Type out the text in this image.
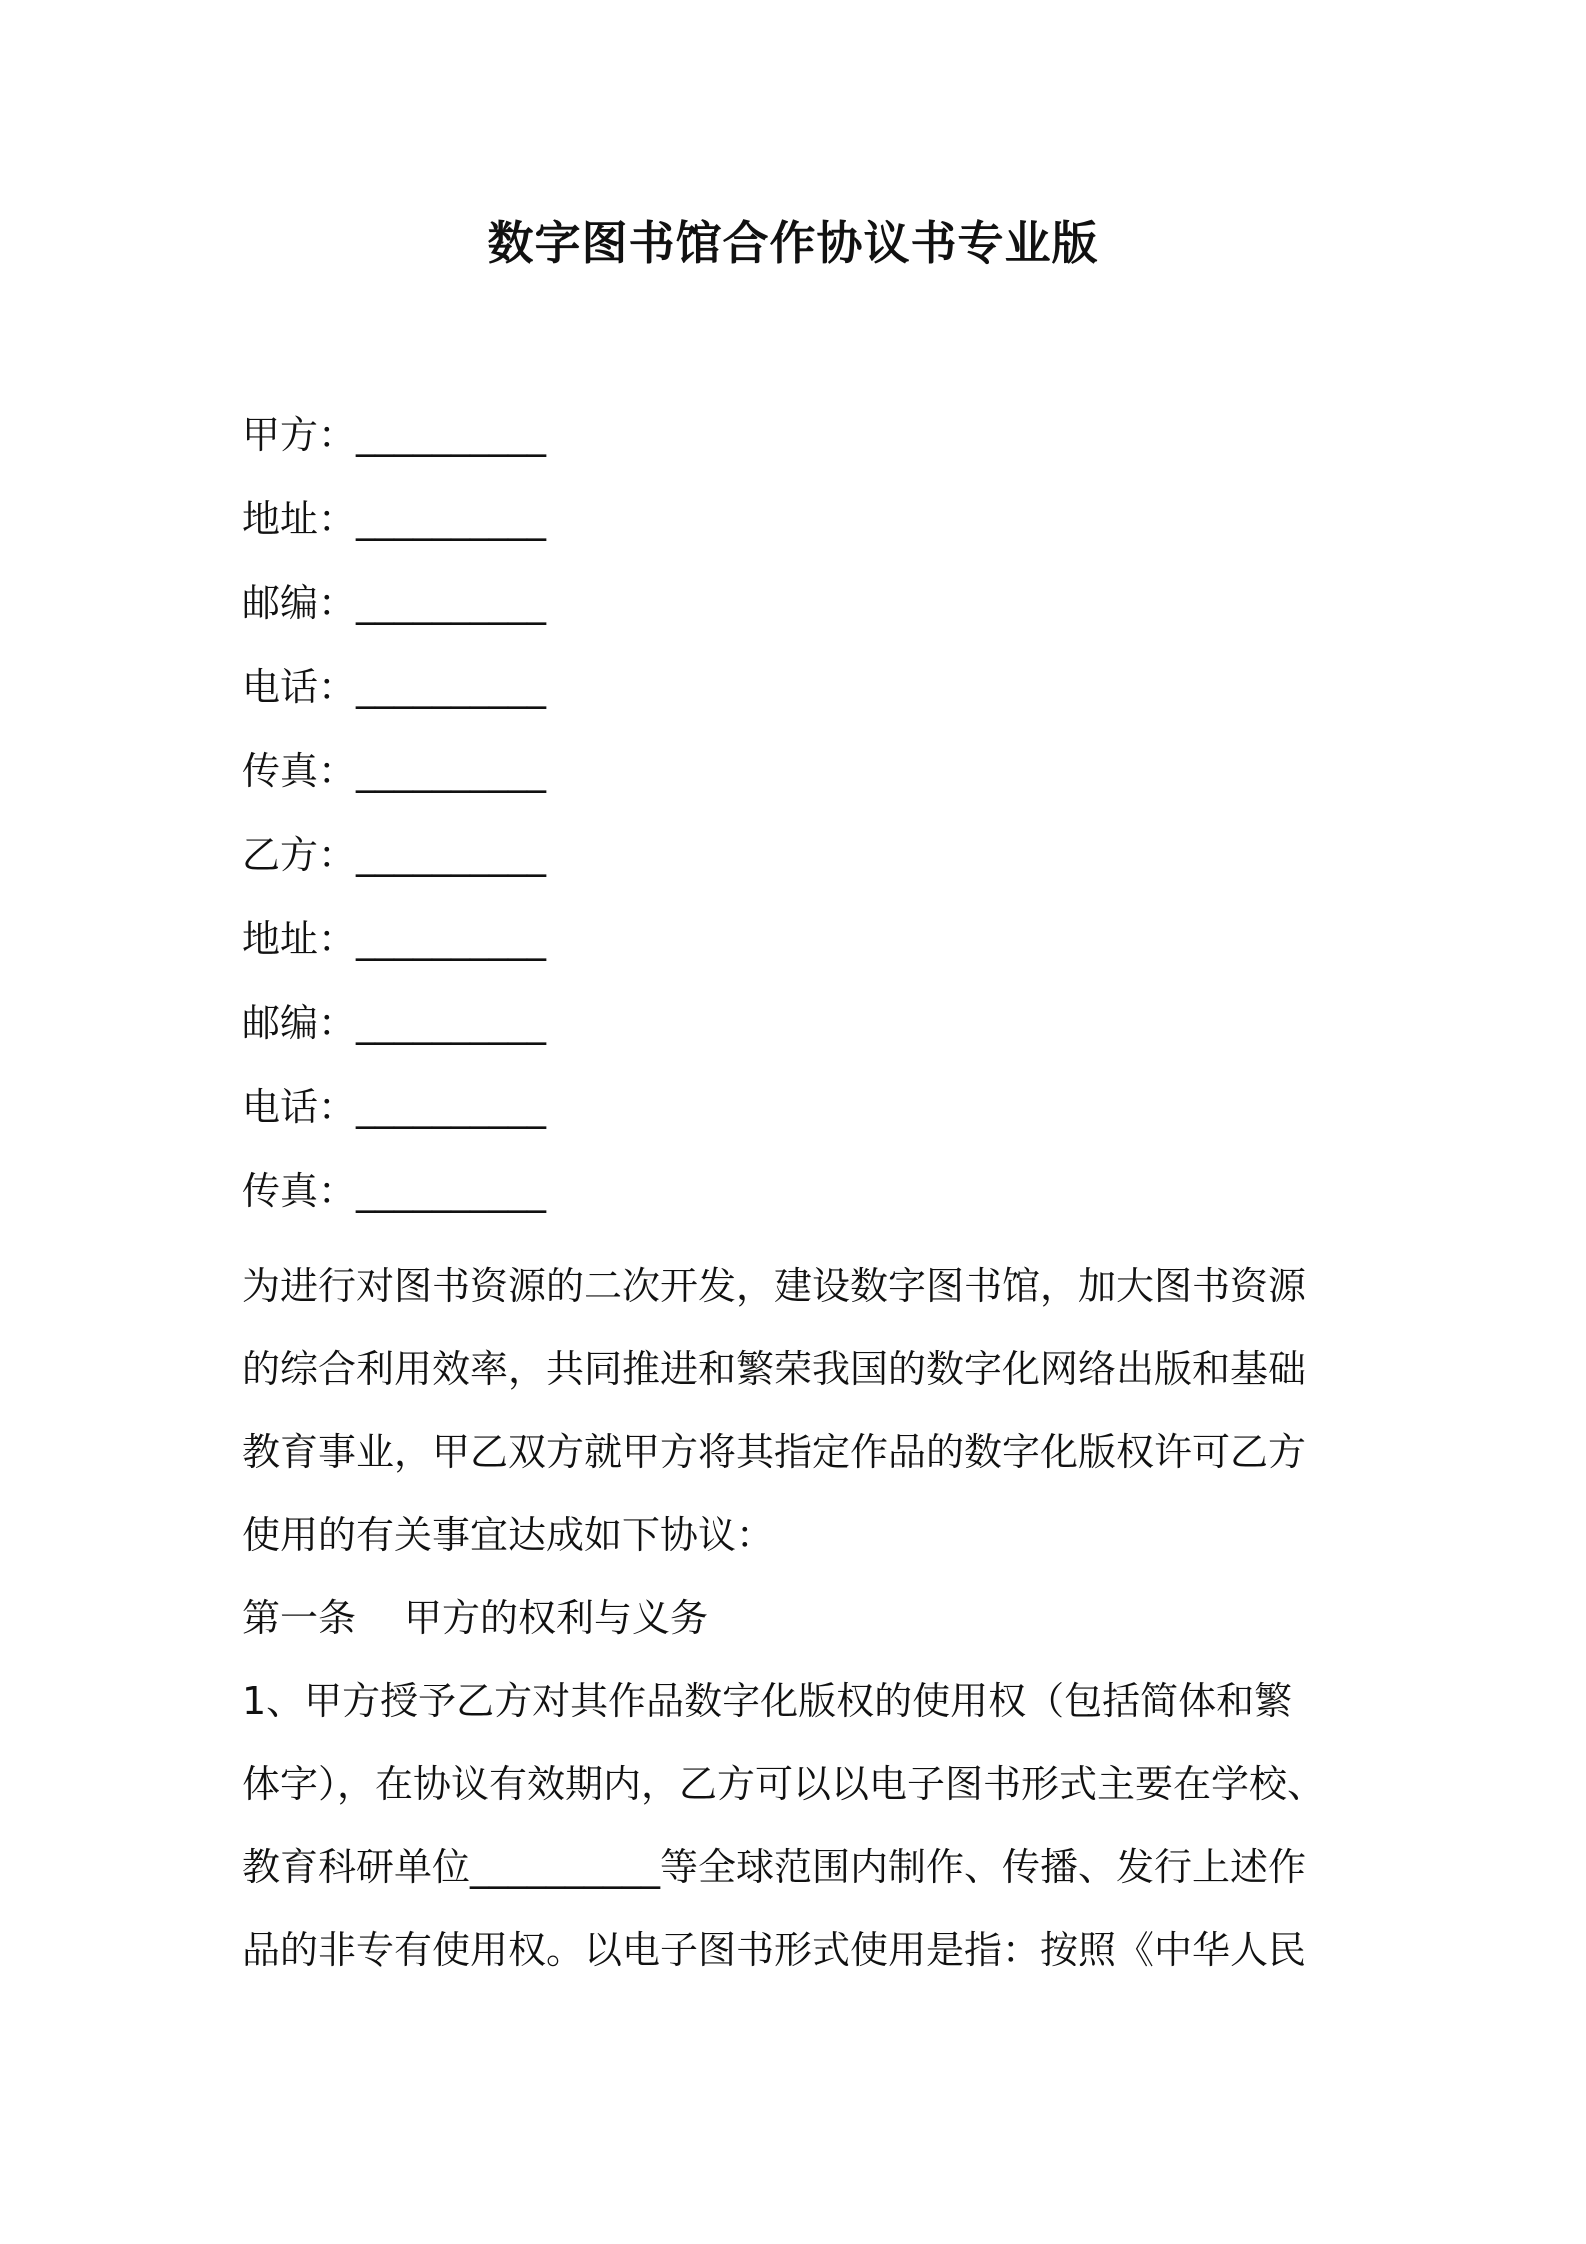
数字图书馆合作协议书专业版
甲方：__________
地址：__________
邮编：__________
电话：__________
传真：__________
乙方：__________
地址：__________
邮编：__________
电话：__________
传真：__________
为进行对图书资源的二次开发，建设数字图书馆，加大图书资源
的综合利用效率，共同推进和繁荣我国的数字化网络出版和基础
教育事业，甲乙双方就甲方将其指定作品的数字化版权许可乙方
使用的有关事宜达成如下协议：
第一条 甲方的权利与义务
1、甲方授予乙方对其作品数字化版权的使用权（包括简体和繁
体字），在协议有效期内，乙方可以以电子图书形式主要在学校、
教育科研单位__________等全球范围内制作、传播、发行上述作
品的非专有使用权。以电子图书形式使用是指：按照《中华人民
